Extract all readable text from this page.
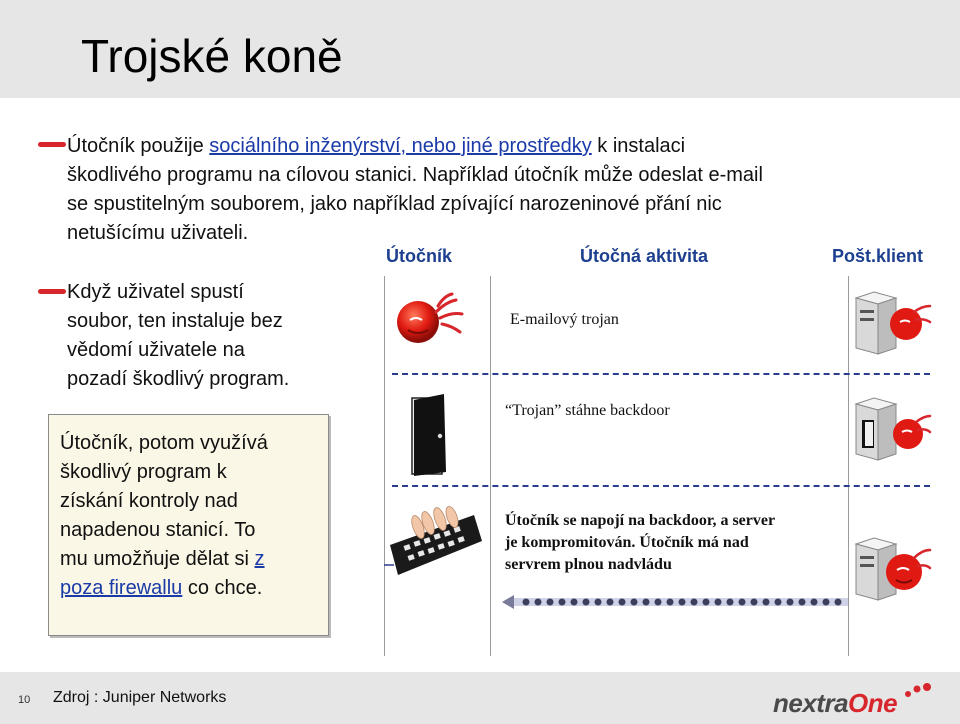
Trojské koně
Útočník použije sociálního inženýrství, nebo jiné prostředky k instalaci
škodlivého programu na cílovou stanici. Například útočník může odeslat e-mail
se spustitelným souborem, jako například zpívající narozeninové přání nic
netušícímu uživateli.
Když uživatel spustí
soubor, ten instaluje bez
vědomí uživatele na
pozadí škodlivý program.
Útočník, potom využívá
škodlivý program k
získání kontroly nad
napadenou stanicí. To
mu umožňuje dělat si z
poza firewallu co chce.
Útočník	Útočná aktivita	Pošt.klient
E-mailový trojan
“Trojan” stáhne backdoor
Útočník se napojí na backdoor, a server
je kompromitován. Útočník má nad
servrem plnou nadvládu
10 Zdroj : Juniper Networks	nextraOne
